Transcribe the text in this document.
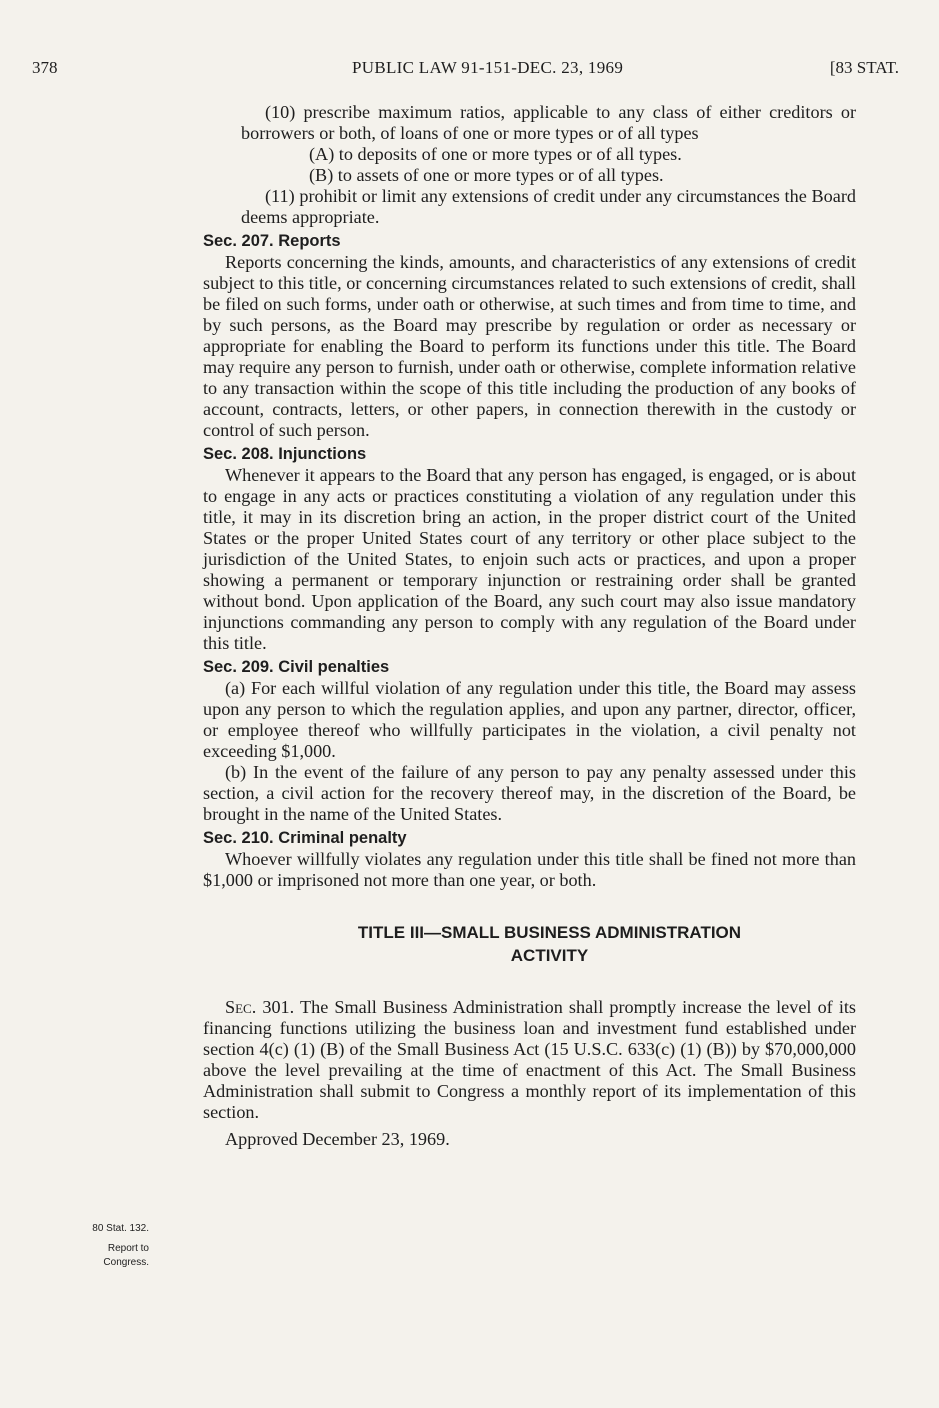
378	PUBLIC LAW 91-151-DEC. 23, 1969	[83 STAT.

(10) prescribe maximum ratios, applicable to any class of either creditors or borrowers or both, of loans of one or more types or of all types

(A) to deposits of one or more types or of all types.

(B) to assets of one or more types or of all types.

(11) prohibit or limit any extensions of credit under any circumstances the Board deems appropriate.

Sec. 207. Reports

Reports concerning the kinds, amounts, and characteristics of any extensions of credit subject to this title, or concerning circumstances related to such extensions of credit, shall be filed on such forms, under oath or otherwise, at such times and from time to time, and by such persons, as the Board may prescribe by regulation or order as necessary or appropriate for enabling the Board to perform its functions under this title. The Board may require any person to furnish, under oath or otherwise, complete information relative to any transaction within the scope of this title including the production of any books of account, contracts, letters, or other papers, in connection therewith in the custody or control of such person.

Sec. 208. Injunctions

Whenever it appears to the Board that any person has engaged, is engaged, or is about to engage in any acts or practices constituting a violation of any regulation under this title, it may in its discretion bring an action, in the proper district court of the United States or the proper United States court of any territory or other place subject to the jurisdiction of the United States, to enjoin such acts or practices, and upon a proper showing a permanent or temporary injunction or restraining order shall be granted without bond. Upon application of the Board, any such court may also issue mandatory injunctions commanding any person to comply with any regulation of the Board under this title.

Sec. 209. Civil penalties

(a) For each willful violation of any regulation under this title, the Board may assess upon any person to which the regulation applies, and upon any partner, director, officer, or employee thereof who willfully participates in the violation, a civil penalty not exceeding $1,000.

(b) In the event of the failure of any person to pay any penalty assessed under this section, a civil action for the recovery thereof may, in the discretion of the Board, be brought in the name of the United States.

Sec. 210. Criminal penalty

Whoever willfully violates any regulation under this title shall be fined not more than $1,000 or imprisoned not more than one year, or both.

TITLE III—SMALL BUSINESS ADMINISTRATION
ACTIVITY

Sec. 301. The Small Business Administration shall promptly increase the level of its financing functions utilizing the business loan and investment fund established under section 4(c) (1) (B) of the Small Business Act (15 U.S.C. 633(c) (1) (B)) by $70,000,000 above the level prevailing at the time of enactment of this Act. The Small Business Administration shall submit to Congress a monthly report of its implementation of this section.

Approved December 23, 1969.

80 Stat. 132.

Report to
Congress.
